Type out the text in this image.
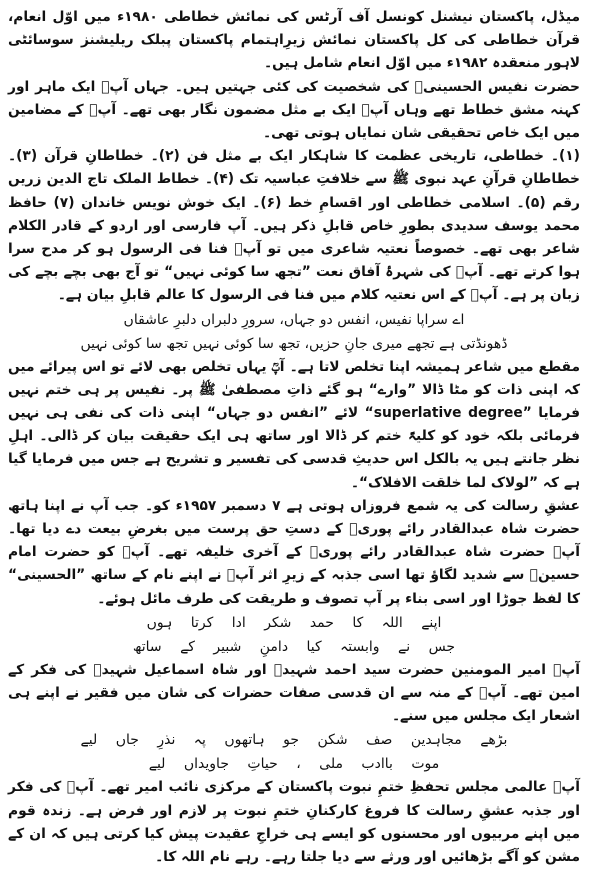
میڈل، پاکستان نیشنل کونسل آف آرٹس کی نمائش خطاطی ۱۹۸۰ء میں اوّل انعام، قرآن خطاطی کی کل پاکستان نمائش زیرِاہتمام پاکستان پبلک ریلیشنز سوسائٹی لاہور منعقدہ ۱۹۸۲ء میں اوّل انعام شامل ہیں۔

حضرت نفیس الحسینیؒ کی شخصیت کی کئی جہتیں ہیں۔ جہاں آپؒ ایک ماہر اور کہنہ مشق خطاط تھے وہاں آپؒ ایک بے مثل مضمون نگار بھی تھے۔ آپؒ کے مضامین میں ایک خاص تحقیقی شان نمایاں ہوتی تھی۔

(۱)۔ خطاطی، تاریخی عظمت کا شاہکار ایک بے مثل فن (۲)۔ خطاطانِ قرآن (۳)۔ خطاطانِ قرآنِ عہد نبوی ﷺ سے خلافتِ عباسیہ تک (۴)۔ خطاط الملک تاج الدین زریں رقم (۵)۔ اسلامی خطاطی اور اقسامِ خط (۶)۔ ایک خوش نویس خاندان (۷) حافظ محمد یوسف سدیدی بطورِ خاص قابلِ ذکر ہیں۔ آپ فارسی اور اردو کے قادر الکلام شاعر بھی تھے۔ خصوصاً نعتیہ شاعری میں تو آپؒ فنا فی الرسول ہو کر مدح سرا ہوا کرتے تھے۔ آپؒ کی شہرۂ آفاق نعت ”تجھ سا کوئی نہیں“ تو آج بھی بچے بچے کی زبان پر ہے۔ آپؒ کے اس نعتیہ کلام میں فنا فی الرسول کا عالم قابلِ بیان ہے۔

اے سراپا نفیس، انفس دو جہاں، سرورِ دلبراں دلبرِ عاشقاں

ڈھونڈتی ہے تجھے میری جانِ حزیں، تجھ سا کوئی نہیں تجھ سا کوئی نہیں

مقطع میں شاعر ہمیشہ اپنا تخلص لاتا ہے۔ آپؒ یہاں تخلص بھی لائے تو اس پیرائے میں کہ اپنی ذات کو مٹا ڈالا ”وارے“ ہو گئے ذاتِ مصطفیٰ ﷺ پر۔ نفیس پر ہی ختم نہیں فرمایا ”superlative degree“ لائے ”انفس دو جہاں“ اپنی ذات کی نفی ہی نہیں فرمائی بلکہ خود کو کلیۃً ختم کر ڈالا اور ساتھ ہی ایک حقیقت بیان کر ڈالی۔ اہلِ نظر جانتے ہیں یہ بالکل اس حدیثِ قدسی کی تفسیر و تشریح ہے جس میں فرمایا گیا ہے کہ ”لولاک لما خلقت الافلاک“۔

عشقِ رسالت کی یہ شمع فروزاں ہوتی ہے ۷ دسمبر ۱۹۵۷ء کو۔ جب آپ نے اپنا ہاتھ حضرت شاہ عبدالقادر رائے پوریؒ کے دستِ حق پرست میں بغرضِ بیعت دے دیا تھا۔ آپؒ حضرت شاہ عبدالقادر رائے پوریؒ کے آخری خلیفہ تھے۔ آپؒ کو حضرت امام حسینؓ سے شدید لگاؤ تھا اسی جذبہ کے زیرِ اثر آپؒ نے اپنے نام کے ساتھ ”الحسینی“ کا لفظ جوڑا اور اسی بناء پر آپ تصوف و طریقت کی طرف مائل ہوئے۔

اپنے اللہ کا حمد شکر ادا کرتا ہوں

جس نے وابستہ کیا دامنِ شبیر کے ساتھ

آپؒ امیر المومنین حضرت سید احمد شہیدؒ اور شاہ اسماعیل شہیدؒ کی فکر کے امین تھے۔ آپؒ کے منہ سے ان قدسی صفات حضرات کی شان میں فقیر نے اپنے ہی اشعار ایک مجلس میں سنے۔

بڑھے مجاہدین صف شکن جو ہاتھوں پہ نذرِ جاں لیے

موت باادب ملی ، حیاتِ جاویداں لیے

آپؒ عالمی مجلس تحفظِ ختمِ نبوت پاکستان کے مرکزی نائب امیر تھے۔ آپؒ کی فکر اور جذبہ عشقِ رسالت کا فروغ کارکنانِ ختمِ نبوت پر لازم اور فرض ہے۔ زندہ قوم میں اپنے مربیوں اور محسنوں کو ایسے ہی خراجِ عقیدت پیش کیا کرتی ہیں کہ ان کے مشن کو آگے بڑھائیں اور ورثے سے دیا جلتا رہے۔ رہے نام اللہ کا۔
